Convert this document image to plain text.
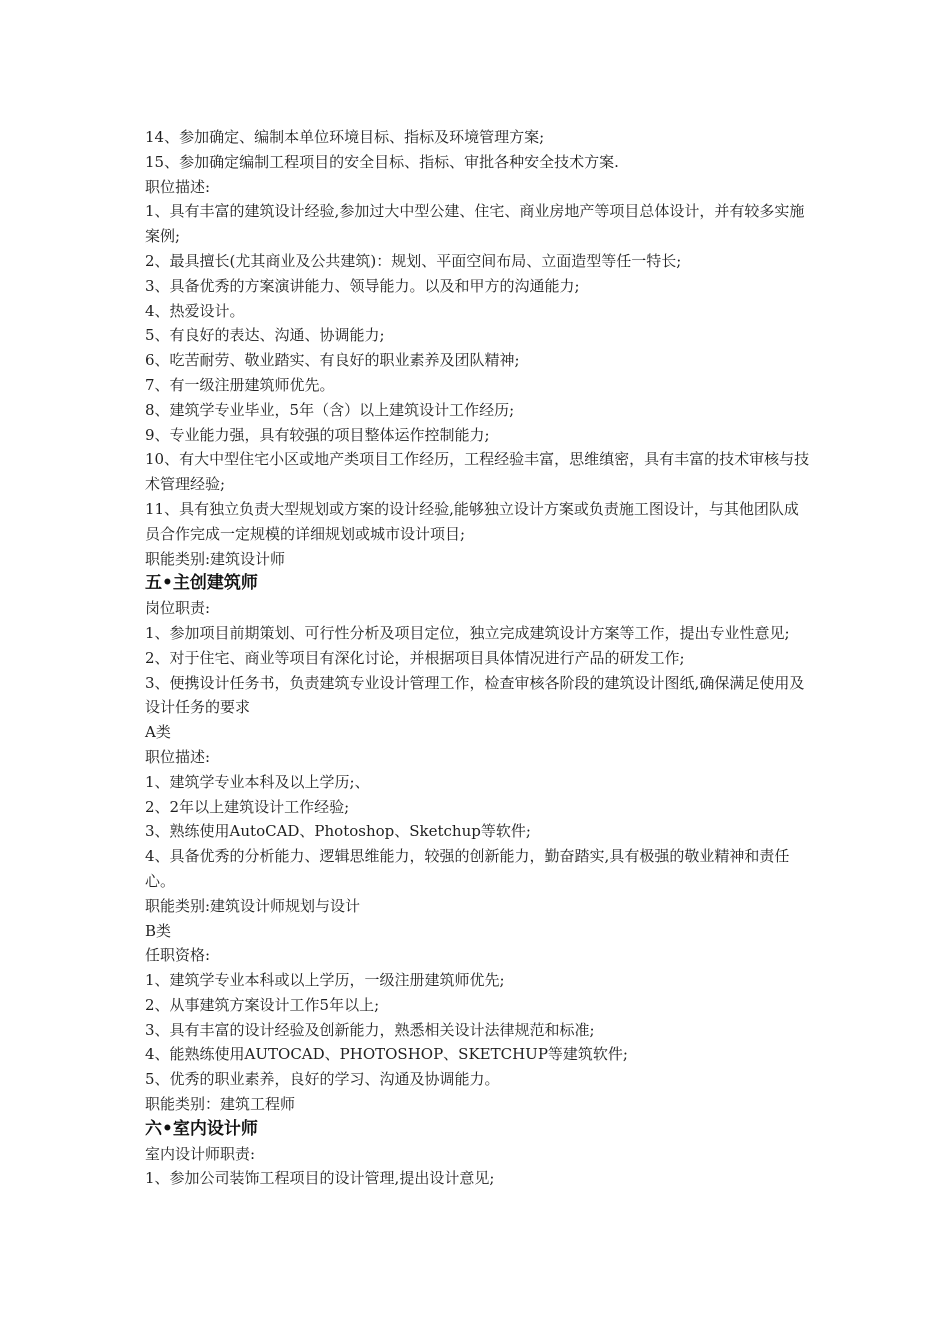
14、参加确定、编制本单位环境目标、指标及环境管理方案;

15、参加确定编制工程项目的安全目标、指标、审批各种安全技术方案.

职位描述:

1、具有丰富的建筑设计经验,参加过大中型公建、住宅、商业房地产等项目总体设计，并有较多实施案例;

2、最具擅长(尤其商业及公共建筑)：规划、平面空间布局、立面造型等任一特长;

3、具备优秀的方案演讲能力、领导能力。以及和甲方的沟通能力;

4、热爱设计。

5、有良好的表达、沟通、协调能力;

6、吃苦耐劳、敬业踏实、有良好的职业素养及团队精神;

7、有一级注册建筑师优先。

8、建筑学专业毕业，5年（含）以上建筑设计工作经历;

9、专业能力强，具有较强的项目整体运作控制能力;

10、有大中型住宅小区或地产类项目工作经历，工程经验丰富，思维缜密，具有丰富的技术审核与技术管理经验;

11、具有独立负责大型规划或方案的设计经验,能够独立设计方案或负责施工图设计，与其他团队成员合作完成一定规模的详细规划或城市设计项目;

职能类别:建筑设计师

五•主创建筑师

岗位职责:

1、参加项目前期策划、可行性分析及项目定位，独立完成建筑设计方案等工作，提出专业性意见;

2、对于住宅、商业等项目有深化讨论，并根据项目具体情况进行产品的研发工作;

3、便携设计任务书，负责建筑专业设计管理工作，检查审核各阶段的建筑设计图纸,确保满足使用及设计任务的要求

A类

职位描述:

1、建筑学专业本科及以上学历;、

2、2年以上建筑设计工作经验;

3、熟练使用AutoCAD、Photoshop、Sketchup等软件;

4、具备优秀的分析能力、逻辑思维能力，较强的创新能力，勤奋踏实,具有极强的敬业精神和责任心。

职能类别:建筑设计师规划与设计

B类

任职资格:

1、建筑学专业本科或以上学历，一级注册建筑师优先;

2、从事建筑方案设计工作5年以上;

3、具有丰富的设计经验及创新能力，熟悉相关设计法律规范和标准;

4、能熟练使用AUTOCAD、PHOTOSHOP、SKETCHUP等建筑软件;

5、优秀的职业素养，良好的学习、沟通及协调能力。

职能类别：建筑工程师

六•室内设计师

室内设计师职责:

1、参加公司装饰工程项目的设计管理,提出设计意见;
